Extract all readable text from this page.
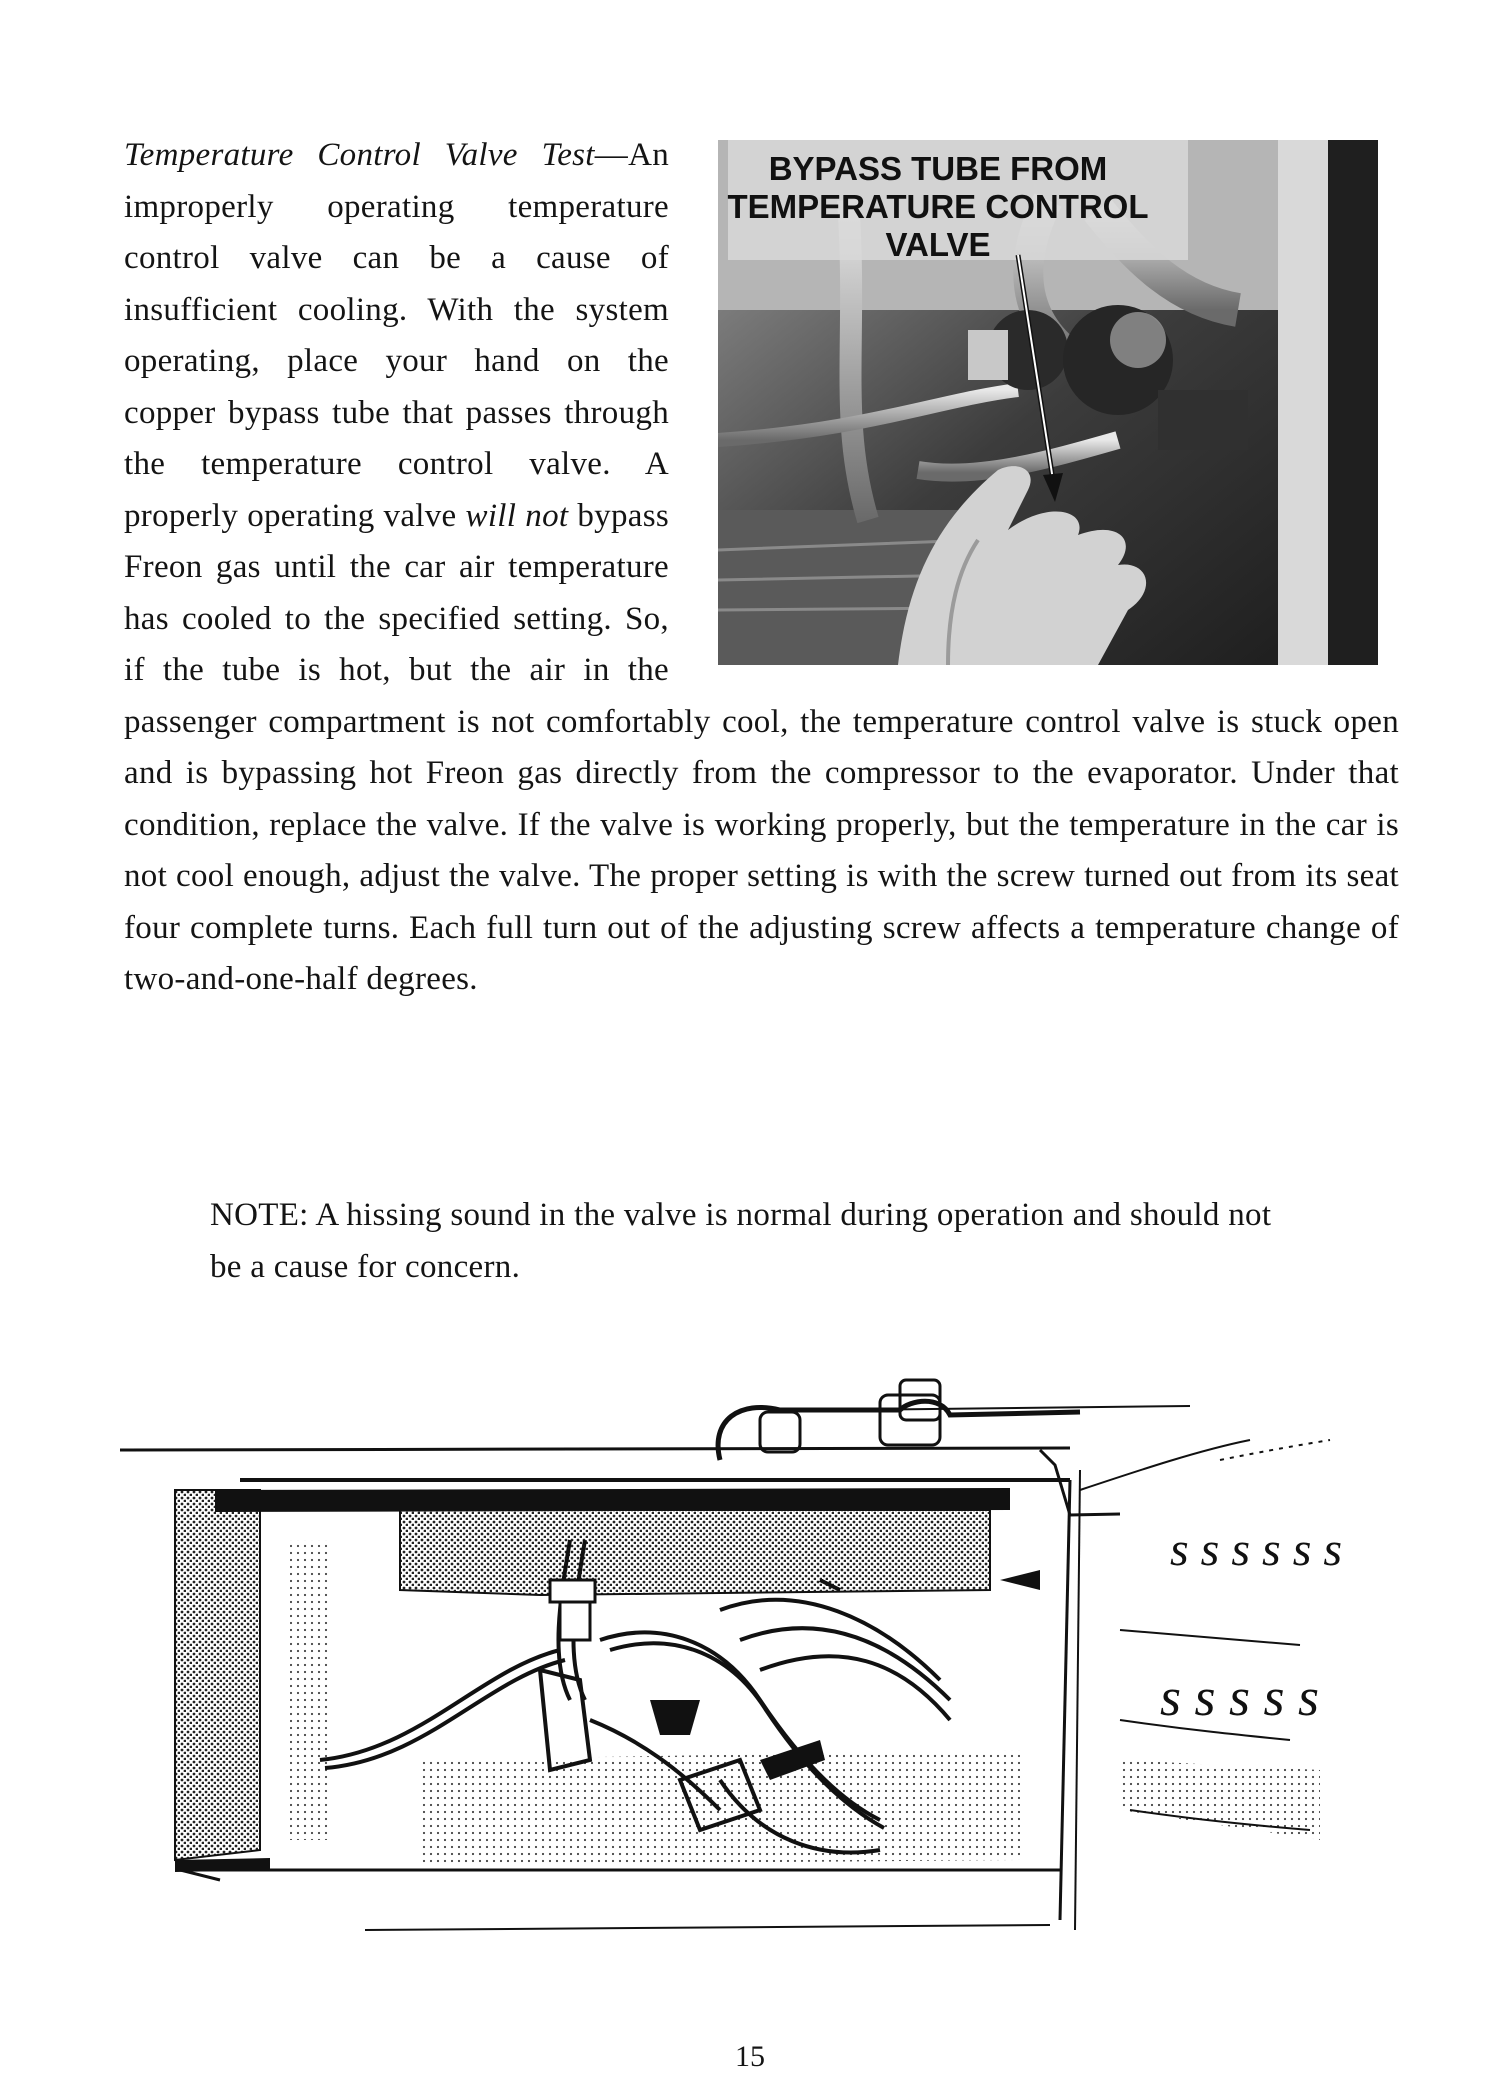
Temperature Control Valve Test—An improperly operating temperature control valve can be a cause of insufficient cooling. With the system operating, place your hand on the copper bypass tube that passes through the temperature control valve. A properly operating valve will not bypass Freon gas until the car air temperature has cooled to the specified setting. So, if the tube is hot, but the air in the passenger compartment is not comfortably cool, the temperature control valve is stuck open and is bypassing hot Freon gas directly from the compressor to the evaporator. Under that condition, replace the valve. If the valve is working properly, but the temperature in the car is not cool enough, adjust the valve. The proper setting is with the screw turned out from its seat four complete turns. Each full turn out of the adjusting screw affects a temperature change of two-and-one-half degrees.

BYPASS TUBE FROM
TEMPERATURE CONTROL
VALVE

NOTE: A hissing sound in the valve is normal during operation and should not be a cause for concern.

s s s s s s
s s s s s
15
